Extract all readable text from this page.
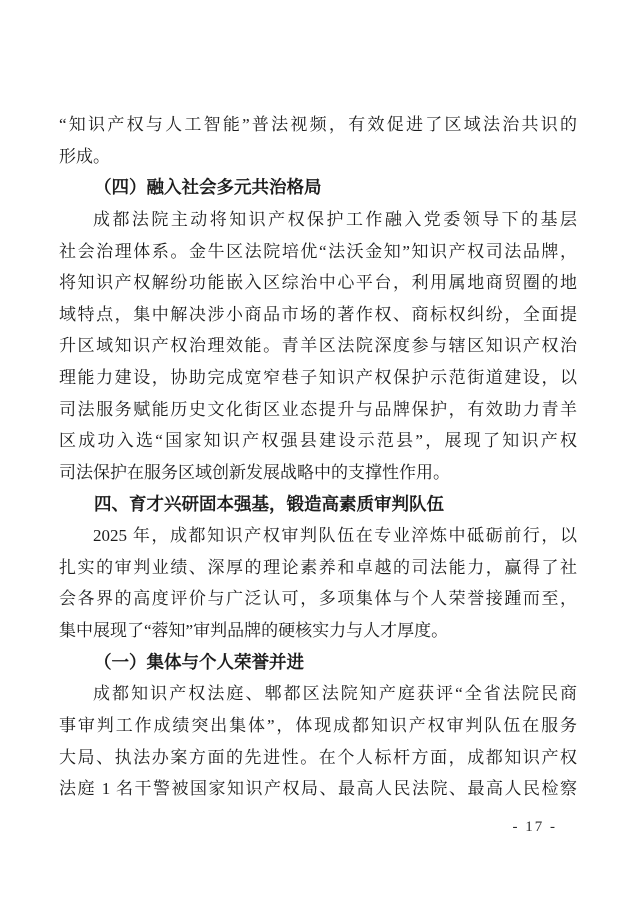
“知识产权与人工智能”普法视频，有效促进了区域法治共识的
形成。
（四）融入社会多元共治格局
成都法院主动将知识产权保护工作融入党委领导下的基层
社会治理体系。金牛区法院培优“法沃金知”知识产权司法品牌，
将知识产权解纷功能嵌入区综治中心平台，利用属地商贸圈的地
域特点，集中解决涉小商品市场的著作权、商标权纠纷，全面提
升区域知识产权治理效能。青羊区法院深度参与辖区知识产权治
理能力建设，协助完成宽窄巷子知识产权保护示范街道建设，以
司法服务赋能历史文化街区业态提升与品牌保护，有效助力青羊
区成功入选“国家知识产权强县建设示范县”，展现了知识产权
司法保护在服务区域创新发展战略中的支撑性作用。
四、育才兴研固本强基，锻造高素质审判队伍
2025 年，成都知识产权审判队伍在专业淬炼中砥砺前行，以
扎实的审判业绩、深厚的理论素养和卓越的司法能力，赢得了社
会各界的高度评价与广泛认可，多项集体与个人荣誉接踵而至，
集中展现了“蓉知”审判品牌的硬核实力与人才厚度。
（一）集体与个人荣誉并进
成都知识产权法庭、郫都区法院知产庭获评“全省法院民商
事审判工作成绩突出集体”，体现成都知识产权审判队伍在服务
大局、执法办案方面的先进性。在个人标杆方面，成都知识产权
法庭 1 名干警被国家知识产权局、最高人民法院、最高人民检察
- 17 -
